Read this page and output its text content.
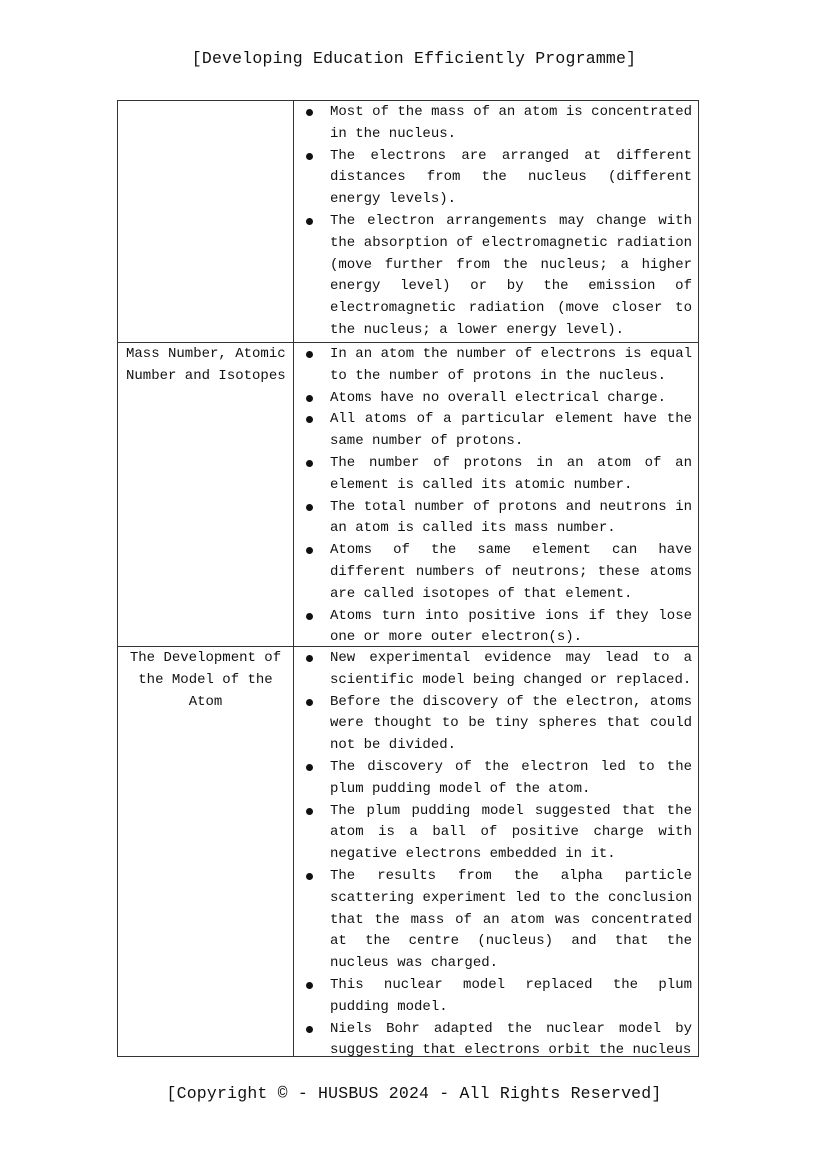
[Developing Education Efficiently Programme]
Most of the mass of an atom is concentrated in the nucleus.
The electrons are arranged at different distances from the nucleus (different energy levels).
The electron arrangements may change with the absorption of electromagnetic radiation (move further from the nucleus; a higher energy level) or by the emission of electromagnetic radiation (move closer to the nucleus; a lower energy level).
Mass Number, Atomic Number and Isotopes
In an atom the number of electrons is equal to the number of protons in the nucleus.
Atoms have no overall electrical charge.
All atoms of a particular element have the same number of protons.
The number of protons in an atom of an element is called its atomic number.
The total number of protons and neutrons in an atom is called its mass number.
Atoms of the same element can have different numbers of neutrons; these atoms are called isotopes of that element.
Atoms turn into positive ions if they lose one or more outer electron(s).
The Development of the Model of the Atom
New experimental evidence may lead to a scientific model being changed or replaced.
Before the discovery of the electron, atoms were thought to be tiny spheres that could not be divided.
The discovery of the electron led to the plum pudding model of the atom.
The plum pudding model suggested that the atom is a ball of positive charge with negative electrons embedded in it.
The results from the alpha particle scattering experiment led to the conclusion that the mass of an atom was concentrated at the centre (nucleus) and that the nucleus was charged.
This nuclear model replaced the plum pudding model.
Niels Bohr adapted the nuclear model by suggesting that electrons orbit the nucleus
[Copyright © - HUSBUS 2024 - All Rights Reserved]
